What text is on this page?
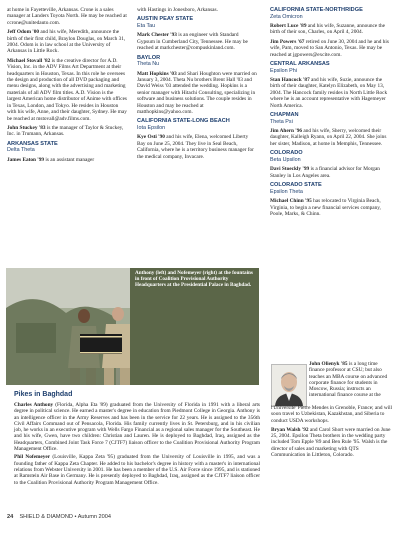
at home in Fayetteville, Arkansas. Crone is a sales manager at Landers Toyota North. He may be reached at ccrone@unitedauto.com.

Jeff Odom '00 and his wife, Meredith, announce the birth of their first child, Braylon Douglas, on March 31, 2004. Odom is in law school at the University of Arkansas in Little Rock.

Michael Stovall '82 is the creative director for A.D. Vision, Inc. in the ADV Films Art Department at their headquarters in Houston, Texas. In this role he oversees the design and production of all DVD packaging and menu designs, along with the advertising and marketing materials of all ADV film titles. A.D. Vision is the largest American home distributor of Anime with offices in Texas, London, and Tokyo. He resides in Houston with his wife, Anne, and their daughter, Sydney. He may be reached at mstovall@adv.films.com.

John Stuckey '83 is the manager of Taylor & Stuckey, Inc. in Trumann, Arkansas.

ARKANSAS STATE
Delta Theta

James Eaton '99 is an assistant manager

with Hastings in Jonesboro, Arkansas.

AUSTIN PEAY STATE
Eta Tau

Mark Chester '93 is an engineer with Standard Gypsum in Cumberland City, Tennessee. He may be reached at markchester@compuskinland.com.

BAYLOR
Theta Nu

Matt Hopkins '03 and Shari Houghton were married on January 3, 2004. Theta Nu brothers Brent Hall '03 and David Weiss '03 attended the wedding. Hopkins is a senior manager with Hitachi Consulting, specializing in software and business solutions. The couple resides in Houston and may be reached at matthopkins@yahoo.com.

CALIFORNIA STATE-LONG BEACH
Iota Epsilon

Kye Osti '90 and his wife, Elena, welcomed Liberty Bay on June 25, 2004. They live in Seal Beach, California, where he is a territory business manager for the medical company, Invacare.

CALIFORNIA STATE-NORTHRIDGE
Zeta Omicron

Robert Luce '89 and his wife, Suzanne, announce the birth of their son, Charles, on April 4, 2004.

Jim Powers '67 retired on June 30, 2004 and he and his wife, Pam, moved to San Antonio, Texas. He may be reached at jgpowers@excite.com.

CENTRAL ARKANSAS
Epsilon Phi

Stan Hancock '87 and his wife, Suzie, announce the birth of their daughter, Katelyn Elizabeth, on May 13, 2004. The Hancock family resides in North Little Rock where he is an account representative with Hagemeyer North America.

CHAPMAN
Theta Psi

Jim Ahern '96 and his wife, Sherry, welcomed their daughter, Kalleigh Ryann, on April 22, 2004. She joins her sister, Madison, at home in Memphis, Tennessee.

COLORADO
Beta Upsilon

Davi Stoeckly '99 is a financial advisor for Morgan Stanley in Los Angeles area.

COLORADO STATE
Epsilon Theta

Michael Chinn '95 has relocated to Virginia Beach, Virginia, to begin a new financial services company, Poole, Marks, & Chinn.

John Olienyk '85 is a long time finance professor at CSU; but also teaches an MBA course on advanced corporate finance for students in Moscow, Russia; instructs an international finance course at the

l'Universite' Pierre Mendes in Grenoble, France; and will soon travel to Uzbekistan, Kazakhstan, and Siberia to conduct USDA workshops.

Bryan Walsh '92 and Carol Short were married on June 25, 2004. Epsilon Theta brothers in the wedding party included Tom Epple '89 and Ben Rule '95. Walsh is the director of sales and marketing with QTS Communication in Littleton, Colorado.

Anthony (left) and Nofemeyer (right) at the fountains in front of Coalition Provisional Authority Headquarters at the Presidential Palace in Baghdad.
Pikes in Baghdad

Charles Anthony (Florida, Alpha Eta '89) graduated from the University of Florida in 1991 with a liberal arts degree in political science. He earned a master's degree in education from Piedmont College in Georgia. Anthony is an intelligence officer in the Army Reserves and has been in the service for 22 years. He is assigned to the 356th Civil Affairs Command out of Pensacola, Florida. His family currently lives in St. Petersburg, and in his civilian job, he works in an executive program with Wells Fargo Financial as a regional sales manager for the Southeast. He and his wife, Gwen, have two children: Christian and Lauren. He is deployed to Baghdad, Iraq, assigned as the Headquarters, Combined Joint Task Force 7 (CJTF7) liaison officer to the Coalition Provisional Authority Program Management Office.

Phil Nofemeyer (Louisville, Kappa Zeta '95) graduated from the University of Louisville in 1995, and was a founding father of Kappa Zeta Chapter. He added to his bachelor's degree in history with a master's in international relations from Webster University in 2001. He has been a member of the U.S. Air Force since 1995, and is stationed at Ramstein Air Base in Germany. He is presently deployed to Baghdad, Iraq, assigned as the CJTF7 liaison officer to the Coalition Provisional Authority Program Management Office.

24 SHIELD & DIAMOND • Autumn 2004
